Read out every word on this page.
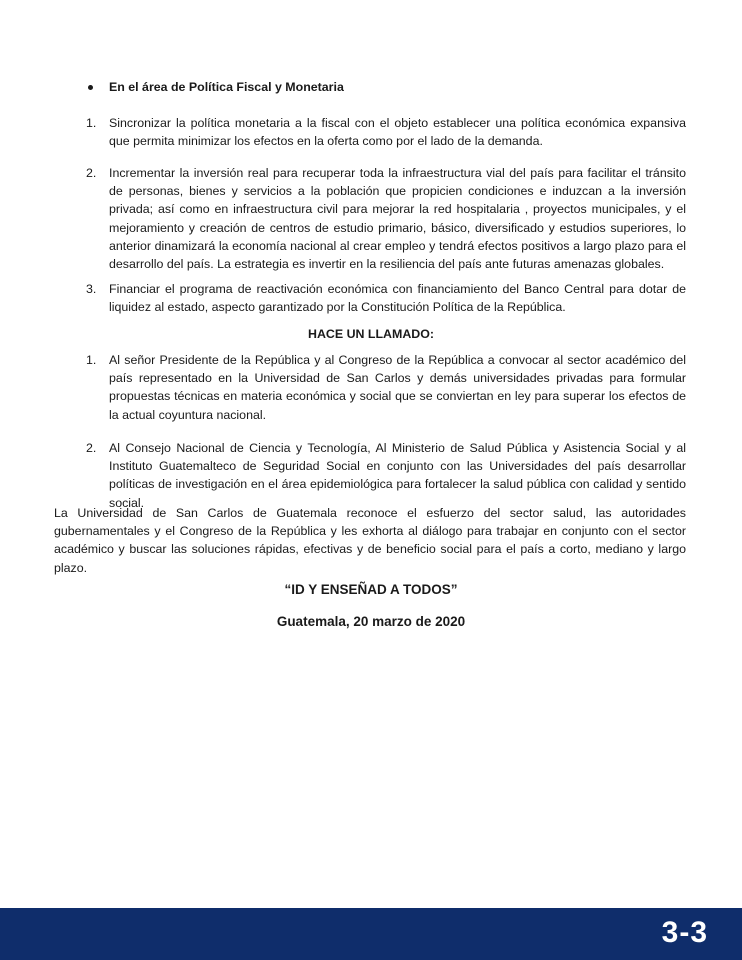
En el área de Política Fiscal y Monetaria
1.	Sincronizar la política monetaria a la fiscal con el objeto establecer una política económica expansiva que permita minimizar los efectos en la oferta como por el lado de la demanda.
2.	Incrementar la inversión real para recuperar toda la infraestructura vial del país para facilitar el tránsito de personas, bienes y servicios a la población que propicien condiciones e induzcan a la inversión privada; así como en infraestructura civil para mejorar la red hospitalaria , proyectos municipales, y el mejoramiento y creación de centros de estudio primario, básico, diversificado y estudios superiores, lo anterior dinamizará la economía nacional al crear empleo y tendrá efectos positivos a largo plazo para el desarrollo del país. La estrategia es invertir en la resiliencia del país ante futuras amenazas globales.
3.	Financiar el programa de reactivación económica con financiamiento del Banco Central para dotar de liquidez al estado, aspecto garantizado por la Constitución Política de la República.
HACE UN LLAMADO:
1.	Al señor Presidente de la República y al Congreso de la República a convocar al sector académico del país representado en la Universidad de San Carlos y demás universidades privadas para formular propuestas técnicas en materia económica y social que se conviertan en ley para superar los efectos de la actual coyuntura nacional.
2.	Al Consejo Nacional de Ciencia y Tecnología, Al Ministerio de Salud Pública y Asistencia Social y al Instituto Guatemalteco de Seguridad Social en conjunto con las Universidades del país desarrollar políticas de investigación en el área epidemiológica para fortalecer la salud pública con calidad y sentido social.
La Universidad de San Carlos de Guatemala reconoce el esfuerzo del sector salud, las autoridades gubernamentales y el Congreso de la República y les exhorta al diálogo para trabajar en conjunto con el sector académico y buscar las soluciones rápidas, efectivas y de beneficio social para el país a corto, mediano y largo plazo.
“ID Y ENSEÑAD A TODOS”
Guatemala, 20 marzo de 2020
3-3
